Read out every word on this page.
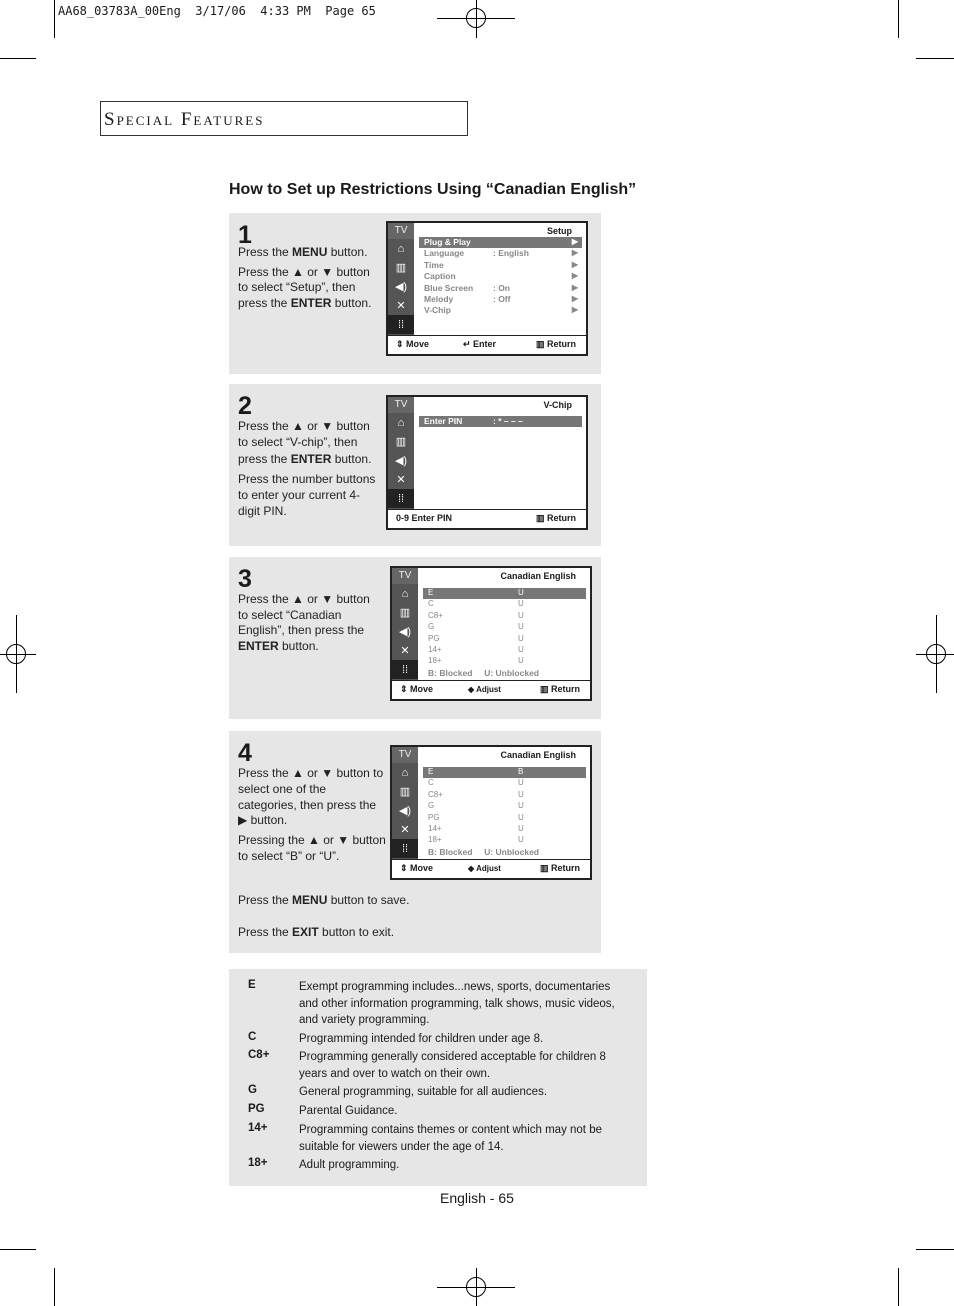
AA68_03783A_00Eng  3/17/06  4:33 PM  Page 65
Special Features
How to Set up Restrictions Using “Canadian English”
1

Press the MENU button.

Press the ▲ or ▼ button to select “Setup”, then press the ENTER button.

TV
⌂
▥
◀)
✕
⁞⁞
Setup
Plug & Play	▶
Language	: English	▶
Time	▶
Caption	▶
Blue Screen : On	▶
Melody	: Off	▶
V-Chip	▶
⇕ Move	↵ Enter	▥ Return
2

Press the ▲ or ▼ button to select “V-chip”, then press the ENTER button.

Press the number buttons to enter your current 4-digit PIN.

TV
⌂
▥
◀)
✕
⁞⁞
V-Chip
Enter PIN	: * – – –
0-9 Enter PIN	▥ Return
3

Press the ▲ or ▼ button to select “Canadian English”, then press the ENTER button.

TV
⌂
▥
◀)
✕
⁞⁞
Canadian English
E	U
C	U
C8+	U
G	U
PG	U
14+	U
18+	U
B: Blocked     U: Unblocked
⇕ Move	◆ Adjust	▥ Return
4

Press the ▲ or ▼ button to select one of the categories, then press the ▶ button.

Pressing the ▲ or ▼ button to select “B” or “U”.

TV
⌂
▥
◀)
✕
⁞⁞
Canadian English
E	B
C	U
C8+	U
G	U
PG	U
14+	U
18+	U
B: Blocked     U: Unblocked
⇕ Move	◆ Adjust	▥ Return

Press the MENU button to save.

Press the EXIT button to exit.

E	Exempt programming includes...news, sports, documentaries and other information programming, talk shows, music videos, and variety programming.
C	Programming intended for children under age 8.
C8+	Programming generally considered acceptable for children 8 years and over to watch on their own.
G	General programming, suitable for all audiences.
PG	Parental Guidance.
14+	Programming contains themes or content which may not be suitable for viewers under the age of 14.
18+	Adult programming.
English - 65
